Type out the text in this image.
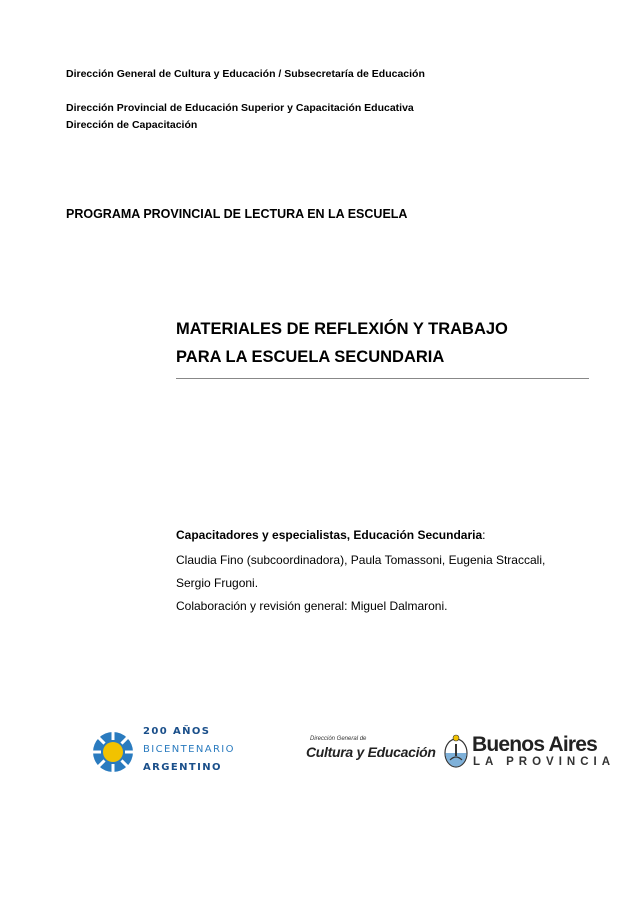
Dirección General de Cultura y Educación / Subsecretaría de Educación
Dirección Provincial de Educación Superior y Capacitación Educativa
Dirección de Capacitación
PROGRAMA PROVINCIAL DE LECTURA EN LA ESCUELA
MATERIALES DE REFLEXIÓN Y TRABAJO
PARA LA ESCUELA SECUNDARIA
Capacitadores y especialistas, Educación Secundaria:
Claudia Fino (subcoordinadora), Paula Tomassoni, Eugenia Straccali,
Sergio Frugoni.
Colaboración y revisión general: Miguel Dalmaroni.
200 AÑOS
BICENTENARIO
ARGENTINO
Dirección General de
Cultura y Educación Buenos Aires
LA PROVINCIA
